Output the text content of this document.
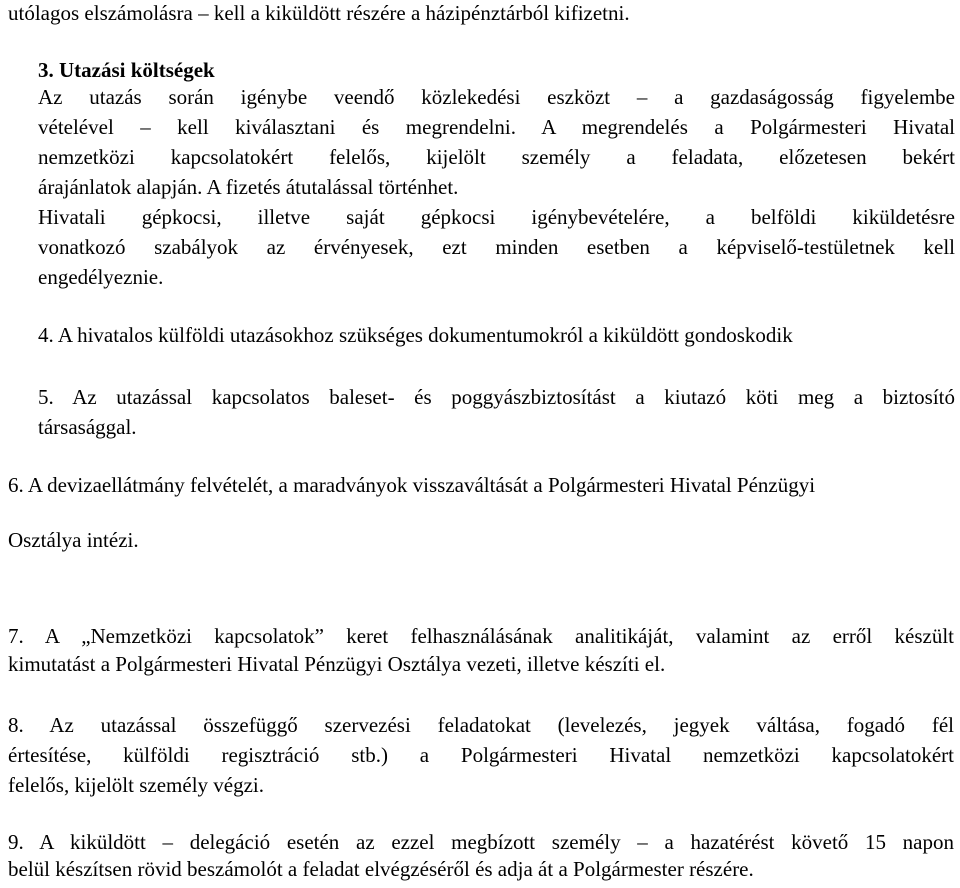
utólagos elszámolásra – kell a kiküldött részére a házipénztárból kifizetni.
3. Utazási költségek
Az utazás során igénybe veendő közlekedési eszközt – a gazdaságosság figyelembe
vételével – kell kiválasztani és megrendelni. A megrendelés a Polgármesteri Hivatal
nemzetközi kapcsolatokért felelős, kijelölt személy a feladata, előzetesen bekért
árajánlatok alapján. A fizetés átutalással történhet.
Hivatali gépkocsi, illetve saját gépkocsi igénybevételére, a belföldi kiküldetésre
vonatkozó szabályok az érvényesek, ezt minden esetben a képviselő-testületnek kell
engedélyeznie.
4. A hivatalos külföldi utazásokhoz szükséges dokumentumokról a kiküldött gondoskodik
5. Az utazással kapcsolatos baleset- és poggyászbiztosítást a kiutazó köti meg a biztosító
társasággal.
6. A devizaellátmány felvételét, a maradványok visszaváltását a Polgármesteri Hivatal Pénzügyi
Osztálya intézi.
7. A „Nemzetközi kapcsolatok” keret felhasználásának analitikáját, valamint az erről készült
kimutatást a Polgármesteri Hivatal Pénzügyi Osztálya vezeti, illetve készíti el.
8. Az utazással összefüggő szervezési feladatokat (levelezés, jegyek váltása, fogadó fél
értesítése, külföldi regisztráció stb.) a Polgármesteri Hivatal nemzetközi kapcsolatokért
felelős, kijelölt személy végzi.
9. A kiküldött – delegáció esetén az ezzel megbízott személy – a hazatérést követő 15 napon
belül készítsen rövid beszámolót a feladat elvégzéséről és adja át a Polgármester részére.
